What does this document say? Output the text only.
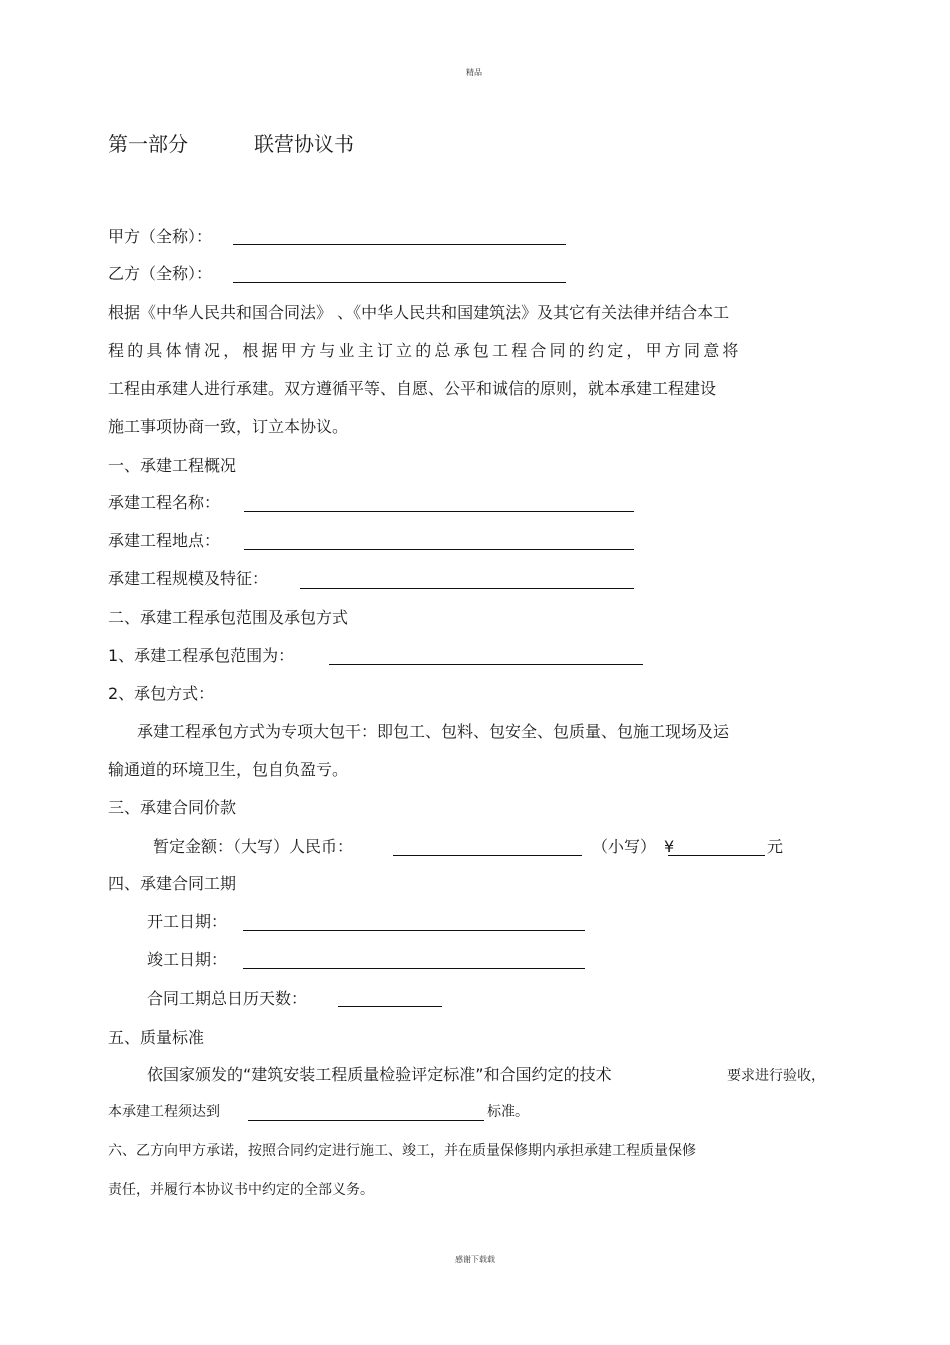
精品
第一部分	联营协议书
甲方（全称）：
乙方（全称）：
根据《中华人民共和国合同法》 、《中华人民共和国建筑法》及其它有关法律并结合本工
程的具体情况，根据甲方与业主订立的总承包工程合同的约定，甲方同意将
工程由承建人进行承建。双方遵循平等、自愿、公平和诚信的原则，就本承建工程建设
施工事项协商一致，订立本协议。
一、承建工程概况
承建工程名称：
承建工程地点：
承建工程规模及特征：
二、承建工程承包范围及承包方式
1、承建工程承包范围为：
2、承包方式：
承建工程承包方式为专项大包干：即包工、包料、包安全、包质量、包施工现场及运
输通道的环境卫生，包自负盈亏。
三、承建合同价款
暂定金额：（大写）人民币：	（小写） ¥	元
四、承建合同工期
开工日期：
竣工日期：
合同工期总日历天数：
五、质量标准
依国家颁发的“建筑安装工程质量检验评定标准”和合国约定的技术	要求进行验收，
本承建工程须达到	标准。
六、乙方向甲方承诺，按照合同约定进行施工、竣工，并在质量保修期内承担承建工程质量保修
责任，并履行本协议书中约定的全部义务。
感谢下载载
